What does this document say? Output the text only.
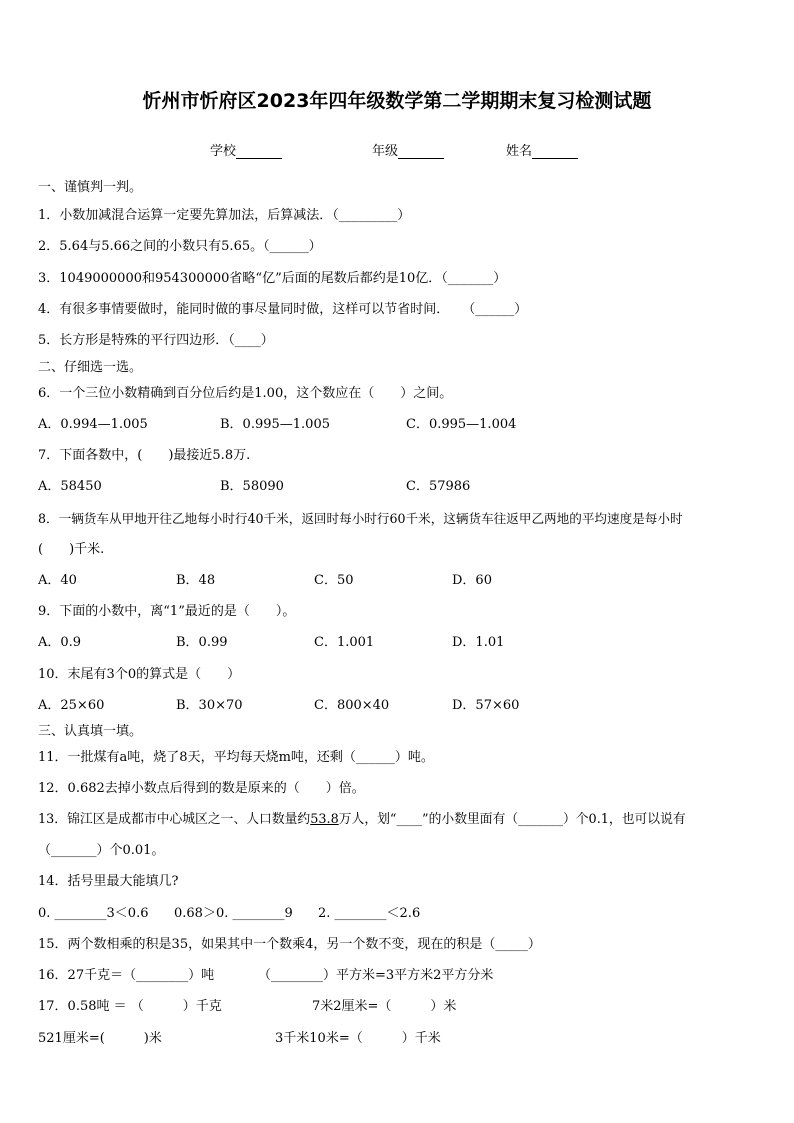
忻州市忻府区2023年四年级数学第二学期期末复习检测试题
学校	年级	姓名
一、谨慎判一判。
1．小数加减混合运算一定要先算加法，后算减法．（_________）
2．5.64与5.66之间的小数只有5.65。（______）
3．1049000000和954300000省略“亿”后面的尾数后都约是10亿．（_______）
4．有很多事情要做时，能同时做的事尽量同时做，这样可以节省时间．　　（______）
5．长方形是特殊的平行四边形．（____）
二、仔细选一选。
6．一个三位小数精确到百分位后约是1.00，这个数应在（　　）之间。
A．0.994—1.005	B．0.995—1.005	C．0.995—1.004
7．下面各数中，(　　)最接近5.8万.
A．58450	B．58090	C．57986
8．一辆货车从甲地开往乙地每小时行40千米，返回时每小时行60千米，这辆货车往返甲乙两地的平均速度是每小时
(　　)千米.
A．40	B．48	C．50	D．60
9．下面的小数中，离“1”最近的是（　　）。
A．0.9	B．0.99	C．1.001	D．1.01
10．末尾有3个0的算式是（　　）
A．25×60	B．30×70	C．800×40	D．57×60
三、认真填一填。
11．一批煤有a吨，烧了8天，平均每天烧m吨，还剩（______）吨。
12．0.682去掉小数点后得到的数是原来的（　　）倍。
13．锦江区是成都市中心城区之一、人口数量约53.8万人，划“____”的小数里面有（_______）个0.1，也可以说有
（_______）个0.01。
14．括号里最大能填几?
0. ________3＜0.6 0.68＞0. ________9 2. ________＜2.6
15．两个数相乘的积是35，如果其中一个数乘4，另一个数不变，现在的积是（_____）
16．27千克＝（________）吨	（________）平方米=3平方米2平方分米
17．0.58吨 ＝ （　　　）千克	7米2厘米=（　　　）米
521厘米=(　　　)米	3千米10米=（　　　）千米
